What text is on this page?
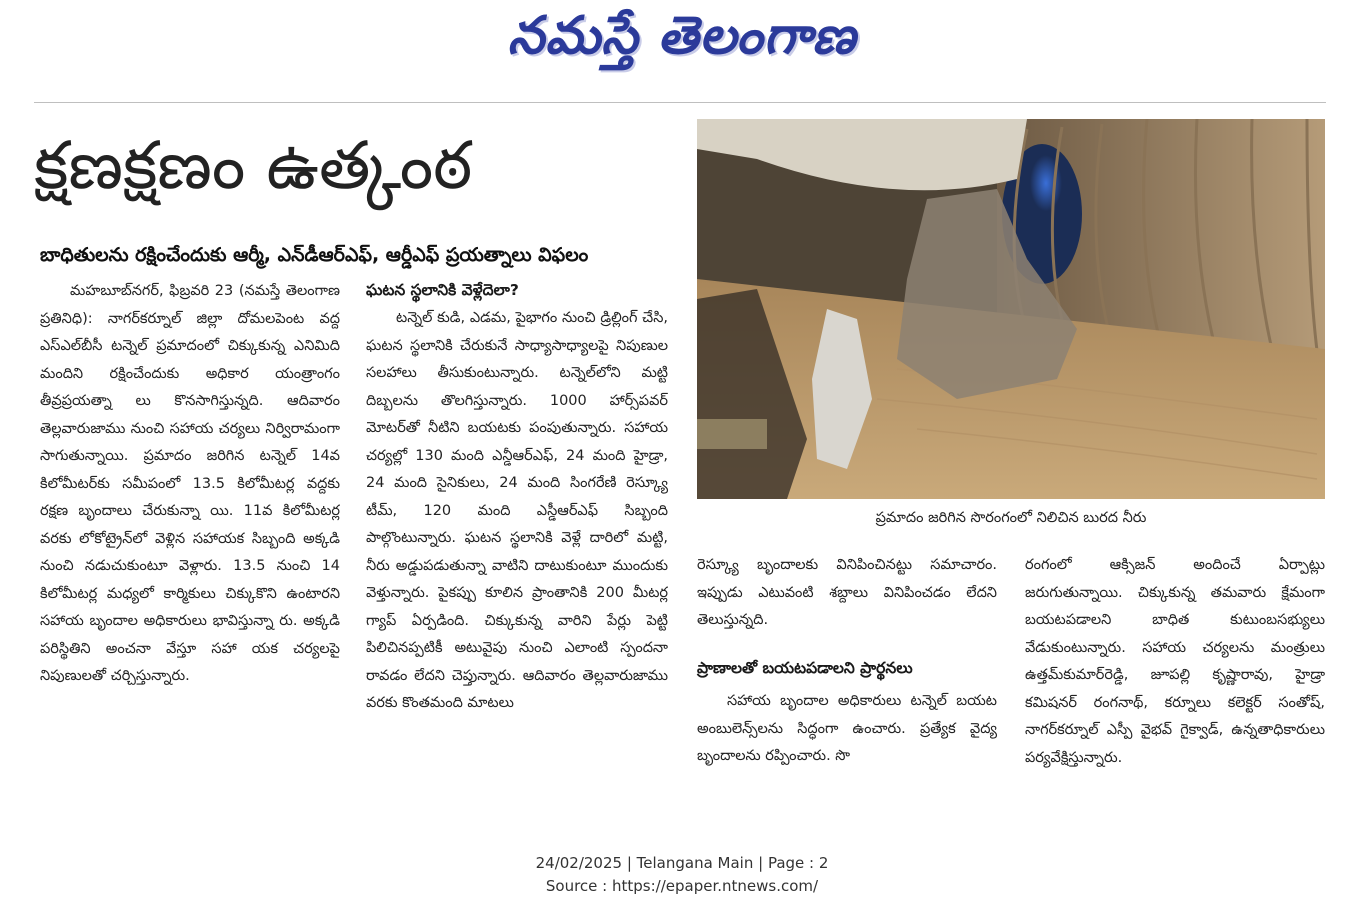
నమస్తే తెలంగాణ
క్షణక్షణం ఉత్కంఠ
బాధితులను రక్షించేందుకు ఆర్మీ, ఎన్‌డీఆర్‌ఎఫ్‌, ఆర్డీఎఫ్‌ ప్రయత్నాలు విఫలం

మహబూబ్‌నగర్‌, ఫిబ్రవరి 23 (నమస్తే తెలంగాణ ప్రతినిధి): నాగర్‌కర్నూల్‌ జిల్లా దోమలపెంట వద్ద ఎస్‌ఎల్‌బీసీ టన్నెల్‌ ప్రమాదంలో చిక్కుకున్న ఎనిమిది మందిని రక్షించేందుకు అధికార యంత్రాంగం తీవ్రప్రయత్నా లు కొనసాగిస్తున్నది. ఆదివారం తెల్లవారుజాము నుంచి సహాయ చర్యలు నిర్విరామంగా సాగుతున్నాయి. ప్రమాదం జరిగిన టన్నెల్‌ 14వ కిలోమీటర్‌కు సమీపంలో 13.5 కిలోమీటర్ల వద్దకు రక్షణ బృందాలు చేరుకున్నా యి. 11వ కిలోమీటర్ల వరకు లోకోట్రైన్‌లో వెళ్లిన సహాయక సిబ్బంది అక్కడి నుంచి నడుచుకుంటూ వెళ్లారు. 13.5 నుంచి 14 కిలోమీటర్ల మధ్యలో కార్మికులు చిక్కుకొని ఉంటారని సహాయ బృందాల అధికారులు భావిస్తున్నా రు. అక్కడి పరిస్థితిని అంచనా వేస్తూ సహా యక చర్యలపై నిపుణులతో చర్చిస్తున్నారు.

ఘటన స్థలానికి వెళ్లేదెలా?

టన్నెల్‌ కుడి, ఎడమ, పైభాగం నుంచి డ్రిల్లింగ్‌ చేసి, ఘటన స్థలానికి చేరుకునే సాధ్యాసాధ్యాలపై నిపుణుల సలహాలు తీసుకుంటున్నారు. టన్నెల్‌లోని మట్టి దిబ్బలను తొలగిస్తున్నారు. 1000 హార్స్‌పవర్‌ మోటర్‌తో నీటిని బయటకు పంపుతున్నారు. సహాయ చర్యల్లో 130 మంది ఎన్డీఆర్‌ఎఫ్‌, 24 మంది హైడ్రా, 24 మంది సైనికులు, 24 మంది సింగరేణి రెస్క్యూ టీమ్‌, 120 మంది ఎస్డీఆర్‌ఎఫ్‌ సిబ్బంది పాల్గొంటున్నారు. ఘటన స్థలానికి వెళ్లే దారిలో మట్టి, నీరు అడ్డుపడుతున్నా వాటిని దాటుకుంటూ ముందుకు వెళ్తున్నారు. పైకప్పు కూలిన ప్రాంతానికి 200 మీటర్ల గ్యాప్‌ ఏర్పడింది. చిక్కుకున్న వారిని పేర్లు పెట్టి పిలిచినప్పటికీ అటువైపు నుంచి ఎలాంటి స్పందనా రావడం లేదని చెప్తున్నారు. ఆదివారం తెల్లవారుజాము వరకు కొంతమంది మాటలు

ప్రమాదం జరిగిన సొరంగంలో నిలిచిన బురద నీరు

రెస్క్యూ బృందాలకు వినిపించినట్టు సమాచారం. ఇప్పుడు ఎటువంటి శబ్దాలు వినిపించడం లేదని తెలుస్తున్నది.

ప్రాణాలతో బయటపడాలని ప్రార్థనలు

సహాయ బృందాల అధికారులు టన్నెల్‌ బయట అంబులెన్స్‌లను సిద్ధంగా ఉంచారు. ప్రత్యేక వైద్య బృందాలను రప్పించారు. సొ

రంగంలో ఆక్సిజన్‌ అందించే ఏర్పాట్లు జరుగుతున్నాయి. చిక్కుకున్న తమవారు క్షేమంగా బయటపడాలని బాధిత కుటుంబసభ్యులు వేడుకుంటున్నారు. సహాయ చర్యలను మంత్రులు ఉత్తమ్‌కుమార్‌రెడ్డి, జూపల్లి కృష్ణారావు, హైడ్రా కమిషనర్‌ రంగనాథ్‌, కర్నూలు కలెక్టర్‌ సంతోష్‌, నాగర్‌కర్నూల్‌ ఎస్పీ వైభవ్‌ గైక్వాడ్‌, ఉన్నతాధికారులు పర్యవేక్షిస్తున్నారు.

24/02/2025 | Telangana Main | Page : 2
Source : https://epaper.ntnews.com/
